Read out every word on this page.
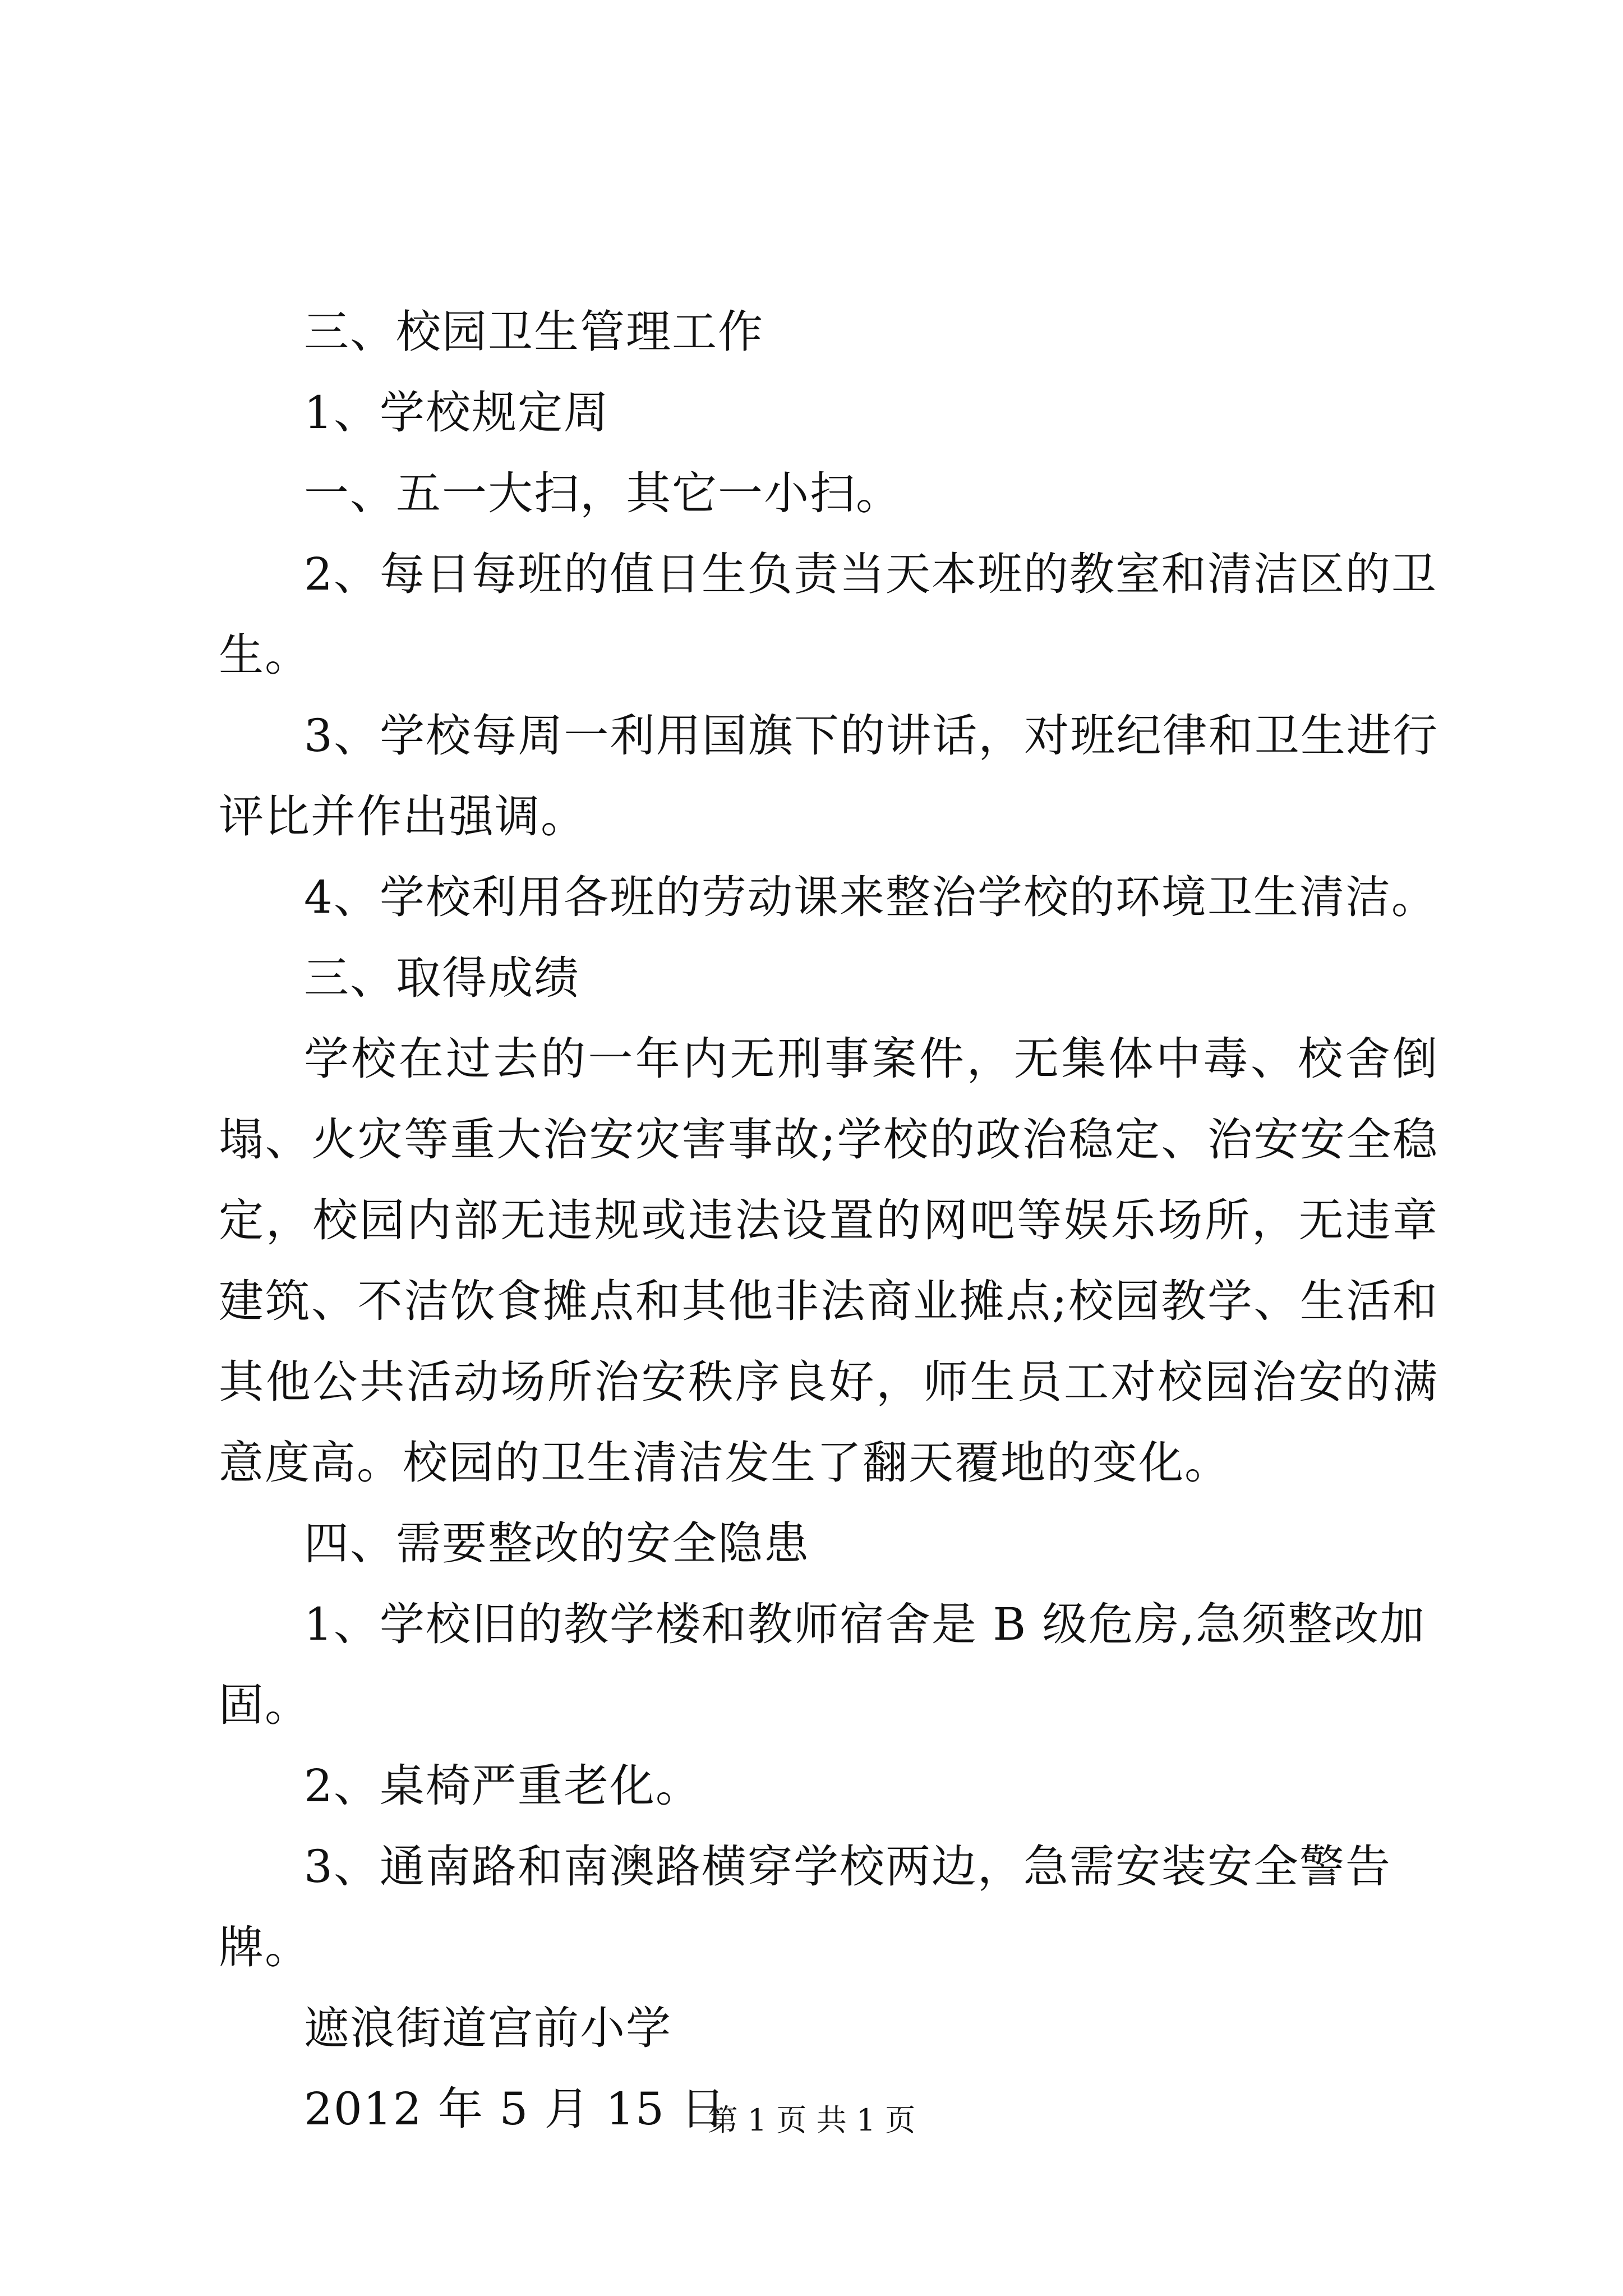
三、校园卫生管理工作

1、学校规定周

一、五一大扫，其它一小扫。

2、每日每班的值日生负责当天本班的教室和清洁区的卫生。

3、学校每周一利用国旗下的讲话，对班纪律和卫生进行评比并作出强调。

4、学校利用各班的劳动课来整治学校的环境卫生清洁。

三、取得成绩

学校在过去的一年内无刑事案件，无集体中毒、校舍倒塌、火灾等重大治安灾害事故;学校的政治稳定、治安安全稳定，校园内部无违规或违法设置的网吧等娱乐场所，无违章建筑、不洁饮食摊点和其他非法商业摊点;校园教学、生活和其他公共活动场所治安秩序良好，师生员工对校园治安的满意度高。校园的卫生清洁发生了翻天覆地的变化。

四、需要整改的安全隐患

1、学校旧的教学楼和教师宿舍是 B 级危房,急须整改加固。

2、桌椅严重老化。

3、通南路和南澳路横穿学校两边，急需安装安全警告牌。

遮浪街道宫前小学

2012 年 5 月 15 日

第 1 页 共 1 页
